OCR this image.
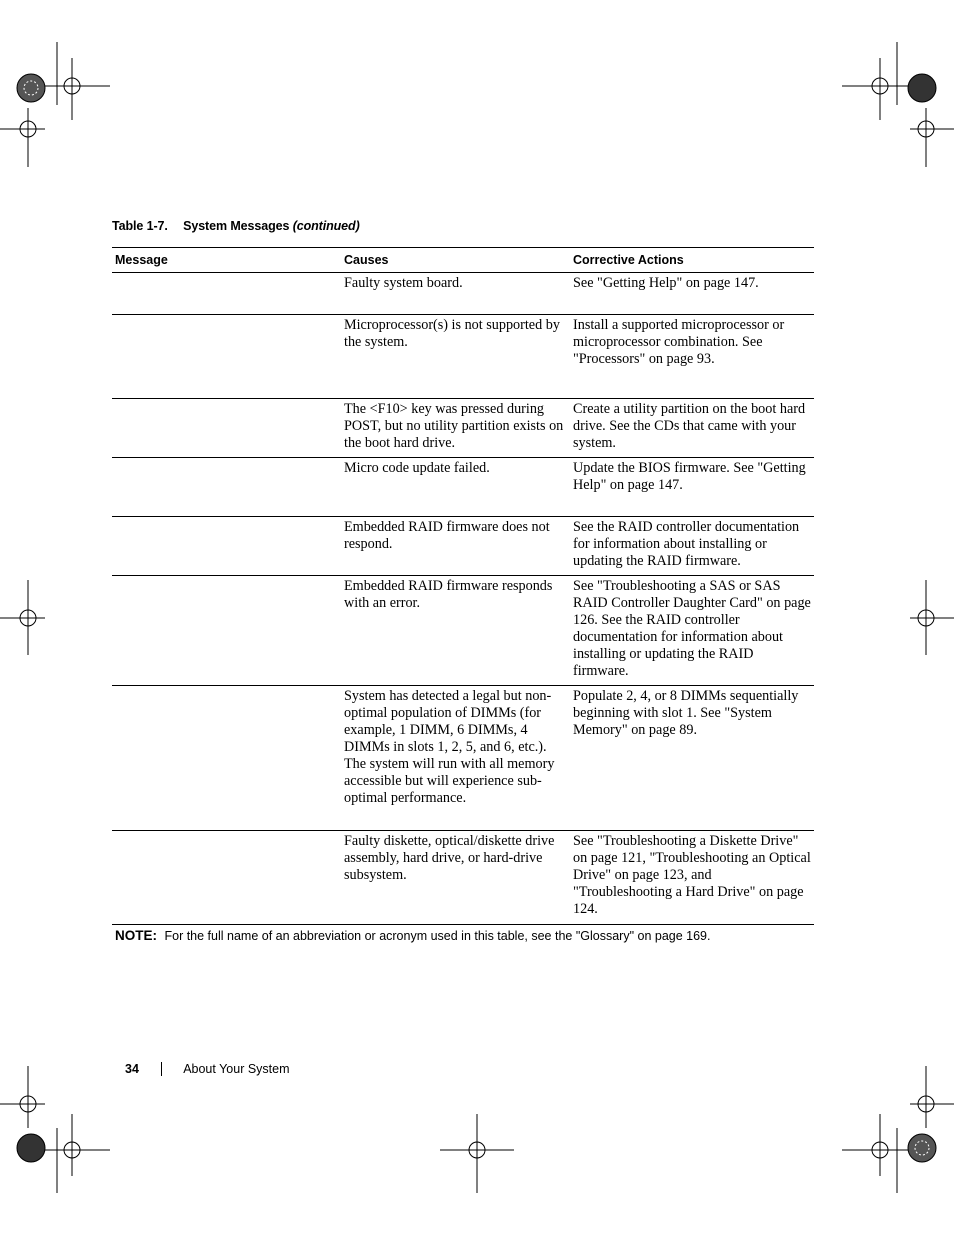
Table 1-7. System Messages (continued)
Message	Causes	Corrective Actions
	Faulty system board.	See "Getting Help" on page 147.
	Microprocessor(s) is not supported by the system.	Install a supported microprocessor or microprocessor combination. See "Processors" on page 93.
	The <F10> key was pressed during POST, but no utility partition exists on the boot hard drive.	Create a utility partition on the boot hard drive. See the CDs that came with your system.
	Micro code update failed.	Update the BIOS firmware. See "Getting Help" on page 147.
	Embedded RAID firmware does not respond.	See the RAID controller documentation for information about installing or updating the RAID firmware.
	Embedded RAID firmware responds with an error.	See "Troubleshooting a SAS or SAS RAID Controller Daughter Card" on page 126. See the RAID controller documentation for information about installing or updating the RAID firmware.
	System has detected a legal but non-optimal population of DIMMs (for example, 1 DIMM, 6 DIMMs, 4 DIMMs in slots 1, 2, 5, and 6, etc.). The system will run with all memory accessible but will experience sub-optimal performance.	Populate 2, 4, or 8 DIMMs sequentially beginning with slot 1. See "System Memory" on page 89.
	Faulty diskette, optical/diskette drive assembly, hard drive, or hard-drive subsystem.	See "Troubleshooting a Diskette Drive" on page 121, "Troubleshooting an Optical Drive" on page 123, and "Troubleshooting a Hard Drive" on page 124.
NOTE: For the full name of an abbreviation or acronym used in this table, see the "Glossary" on page 169.
34	About Your System
